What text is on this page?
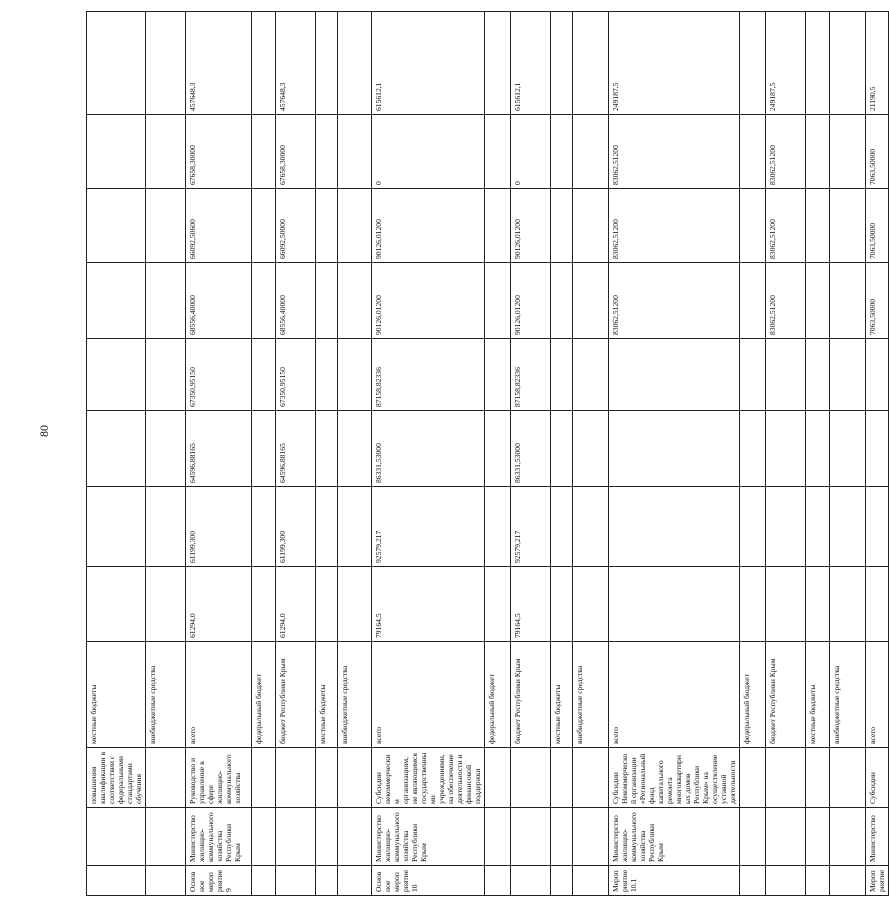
80
		повышения квалификации в соответствии с федеральными стандартами обучения	местные бюджеты								
			внебюджетные средства								
Основное мероприятие 9	Министерство жилищно-коммунального хозяйства Республики Крым	Руководство и управление в сфере жилищно-коммунального хозяйства	всего	61294,0	61199,300	64596,88165	67350,95150	68556,40000	66092,50600	67658,30000	457648,3
			федеральный бюджет								
			бюджет Республики Крым	61294,0	61199,300	64596,88165	67350,95150	68556,40000	66092,50000	67658,30000	457648,3
			местные бюджеты								
			внебюджетные средства								
Основное мероприятие 10	Министерство жилищно-коммунального хозяйства Республики Крым	Субсидии некоммерческим организациям, не являющимся государственными учреждениями, на обеспечение деятельности и финансовой поддержки	всего	79164,5	92579,217	86331,53000	87158,82336	90126,01200	90126,01200	0	615612,1
			федеральный бюджет								
			бюджет Республики Крым	79164,5	92579,217	86331,53000	87158,82336	90126,01200	90126,01200	0	615612,1
			местные бюджеты								
			внебюджетные средства								
Мероприятие 10.1	Министерство жилищно-коммунального хозяйства Республики Крым	Субсидии Некоммерческой организации «Региональный фонд капитального ремонта многоквартирных домов Республики Крым» на осуществление уставной деятельности	всего					83062,51200	83062,51200	83062,51200	249187,5
			федеральный бюджет								
			бюджет Республики Крым					83062,51200	83062,51200	83062,51200	249187,5
			местные бюджеты								
			внебюджетные средства								
Мероприятие	Министерство	Субсидии	всего					7063,50000	7063,50000	7063,50000	21190,5
